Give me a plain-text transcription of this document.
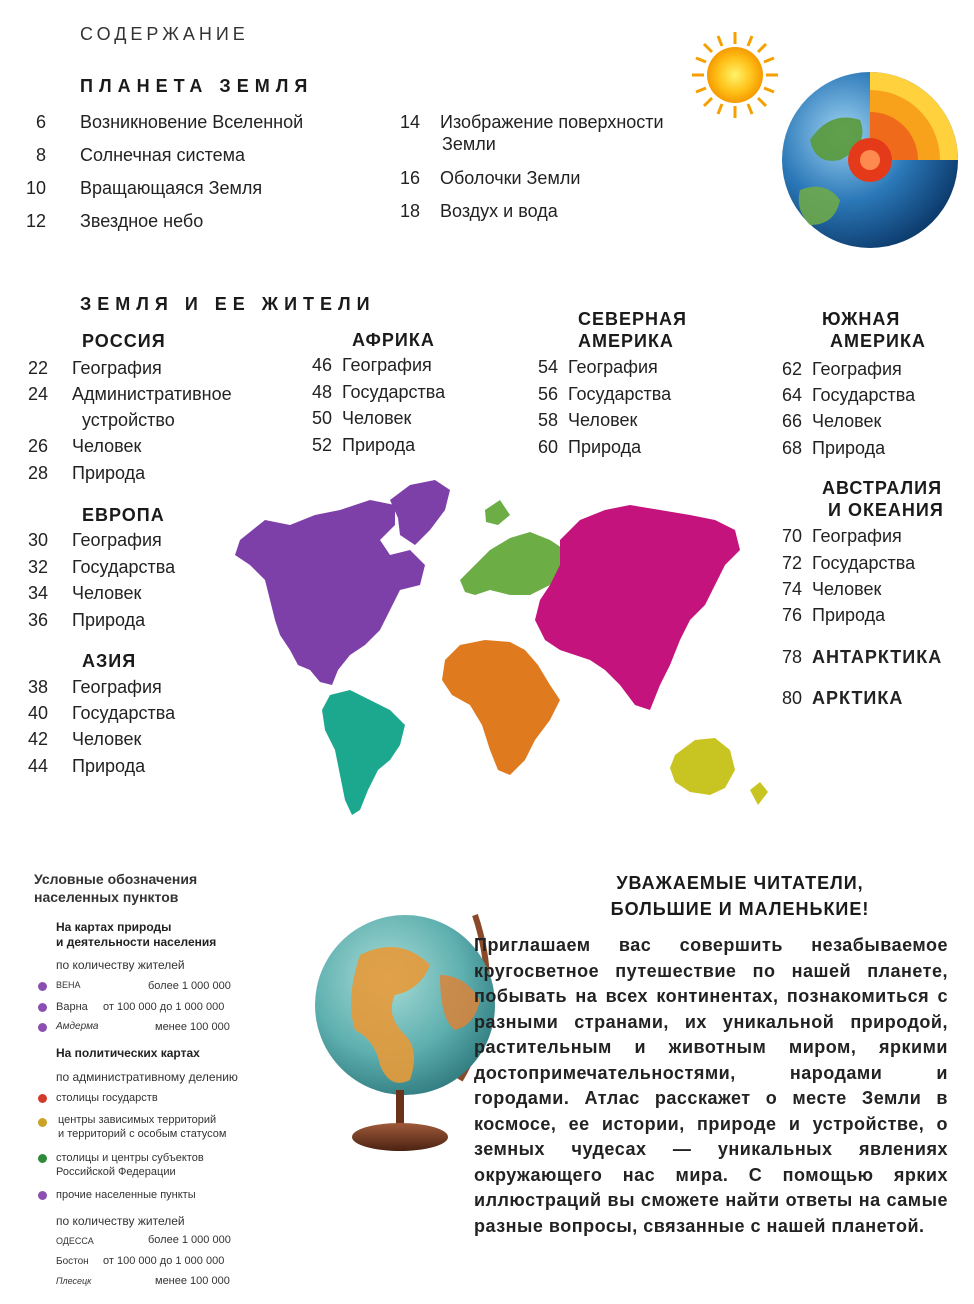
СОДЕРЖАНИЕ
ПЛАНЕТА ЗЕМЛЯ
6 Возникновение Вселенной
8 Солнечная система
10 Вращающаяся Земля
12 Звездное небо
14 Изображение поверхности
Земли
16 Оболочки Земли
18 Воздух и вода
ЗЕМЛЯ И ЕЕ ЖИТЕЛИ
РОССИЯ
22 География
24 Административное
устройство
26 Человек
28 Природа
ЕВРОПА
30 География
32 Государства
34 Человек
36 Природа
АЗИЯ
38 География
40 Государства
42 Человек
44 Природа
АФРИКА
46 География
48 Государства
50 Человек
52 Природа
СЕВЕРНАЯ
АМЕРИКА
54 География
56 Государства
58 Человек
60 Природа
ЮЖНАЯ
АМЕРИКА
62 География
64 Государства
66 Человек
68 Природа
АВСТРАЛИЯ
И ОКЕАНИЯ
70 География
72 Государства
74 Человек
76 Природа
78 АНТАРКТИКА
80 АРКТИКА
Условные обозначения
населенных пунктов
На картах природы
и деятельности населения
по количеству жителей
ВЕНА	более 1 000 000
Варна от 100 000 до 1 000 000
Амдерма	менее 100 000
На политических картах
по административному делению
столицы государств
центры зависимых территорий
и территорий с особым статусом
столицы и центры субъектов
Российской Федерации
прочие населенные пункты
по количеству жителей
ОДЕССА	более 1 000 000
Бостон от 100 000 до 1 000 000
Плесецк	менее 100 000
УВАЖАЕМЫЕ ЧИТАТЕЛИ,
БОЛЬШИЕ И МАЛЕНЬКИЕ!
Приглашаем вас совершить незабываемое кругосветное путешествие по нашей планете, побывать на всех континентах, познакомиться с разными странами, их уникальной природой, растительным и животным миром, яркими достопримечательностями, народами и городами. Атлас расскажет о месте Земли в космосе, ее истории, природе и устройстве, о земных чудесах — уникальных явлениях окружающего нас мира. С помощью ярких иллюстраций вы сможете найти ответы на самые разные вопросы, связанные с нашей планетой.
